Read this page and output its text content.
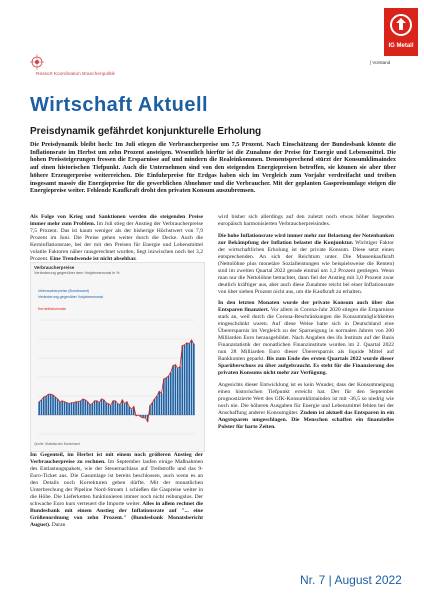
IG Metall
| Vorstand
Ressort Koordination Branchenpolitik
Wirtschaft Aktuell
Preisdynamik gefährdet konjunkturelle Erholung
Die Preisdynamik bleibt hoch: Im Juli stiegen die Verbraucherpreise um 7,5 Prozent. Nach Einschätzung der Bundesbank könnte die Inflationsrate im Herbst um zehn Prozent ansteigen. Wesentlich hierfür ist die Zunahme der Preise für Energie und Lebensmittel. Die hohen Preissteigerungen fressen die Ersparnisse auf und mindern die Realeinkommen. Dementsprechend stürzt der Konsumklimaindex auf einen historischen Tiefpunkt. Auch die Unternehmen sind von den steigenden Energiepreisen betroffen, sie können sie aber über höhere Erzeugerpreise weiterreichen. Die Einfuhrpreise für Erdgas haben sich im Vergleich zum Vorjahr verdreifacht und treiben insgesamt massiv die Energiepreise für die gewerblichen Abnehmer und die Verbraucher. Mit der geplanten Gaspreisumlage steigen die Energiepreise weiter. Fehlende Kaufkraft droht den privaten Konsum auszubremsen.

Als Folge von Krieg und Sanktionen werden die steigenden Preise immer mehr zum Problem. Im Juli stieg der Anstieg der Verbraucherpreise 7,5 Prozent. Das ist kaum weniger als der bisherige Höchstwert von 7,9 Prozent im Juni. Die Preise gehen weiter durch die Decke. Auch die Kerninflationsrate, bei der mit den Preisen für Energie und Lebensmittel volatile Faktoren näher rausgerechnet wurden, liegt inzwischen noch bei 3,2 Prozent. Eine Trendwende ist nicht absehbar.

Verbraucherpreise
Veränderung gegenüber dem Vorjahresmonat in %
Verbraucherpreise (Bundesamt)
Veränderung gegenüber Vorjahresmonat
Kerninflationsrate
Quelle: Statistisches Bundesamt

Im Gegenteil, im Herbst ist mit einem noch größeren Anstieg der Verbraucherpreise zu rechnen. Im September laufen einige Maßnahmen des Entlastungspakets, wie der Steuernachlass auf Treibstoffe und das 9-Euro-Ticket aus. Die Gasumlage ist bereits beschlossen, auch wenn es an den Details noch Korrekturen geben dürfte. Mit der monatlichen Unterbrechung der Pipeline Nord-Stream 1 schießen die Gaspreise weiter in die Höhe. Die Lieferketten funktionieren immer noch nicht reibungslos. Der schwache Euro kurs verteuert die Importe weiter. Alles in allem rechnet die Bundesbank mit einem Anstieg der Inflationsrate auf "... eine Größenordnung von zehn Prozent." (Bundesbank Monatsbericht August). Daran

wird bisher sich allerdings auf den zuletzt noch etwas höher liegenden europäisch harmonisierten Verbraucherpreisindex.

Die hohe Inflationsrate wird immer mehr zur Belastung der Notenbanken zur Bekämpfung der Inflation belastet die Konjunktur. Wichtiger Faktor der wirtschaftlichen Erholung ist der private Konsum. Diese setzt einen entsprechenden. An sich der Reichtum unter. Die Massenkaufkraft (Nettolöhne plus monetäre Sozialleistungen wie beispielsweise die Renten) sind im zweiten Quartal 2022 gerade einmal um 1,2 Prozent gestiegen. Wenn man nur die Nettolöhne betrachtet, dann fiel der Anstieg mit 3,0 Prozent zwar deutlich kräftiger aus, aber auch diese Zunahme reicht bei einer Inflationsrate von über sieben Prozent nicht aus, um die Kaufkraft zu erhalten.

In den letzten Monaten wurde der private Konsum auch über das Entsparen finanziert. Vor allem in Corona-Jahr 2020 stiegen die Ersparnisse stark an, weil durch die Corona-Beschränkungen die Konsummöglichkeiten eingeschränkt waren. Auf diese Weise hatte sich in Deutschland eine Überersparnis im Vergleich zu der Sparneigung in normalen Jahren von 200 Milliarden Euro herausgebildet. Nach Angaben des ifo Instituts auf der Basis Finanzstatistik der monatlichen Finanzinstitute wurden im 2. Quartal 2022 nun 28 Milliarden Euro dieser Überersparnis als liquide Mittel auf Bankkonten geparkt. Bis zum Ende des ersten Quartals 2022 wurde dieser Sparüberschuss zu über aufgebraucht. Es steht für die Finanzierung des privaten Konsums nicht mehr zur Verfügung.

Angesichts dieser Entwicklung ist es kein Wunder, dass der Konsumneigung einen historischen Tiefpunkt erreicht hat. Der für den September prognostizierte Wert des GfK-Konsumklimaindex ist mit -36,5 so niedrig wie noch nie. Die höheren Ausgaben für Energie und Lebensmittel fehlen bei der Anschaffung anderer Konsumgüter. Zudem ist aktuell das Entsparen in ein Angstsparen umgeschlagen. Die Menschen schaffen ein finanzielles Polster für harte Zeiten.

Nr. 7 | August 2022
